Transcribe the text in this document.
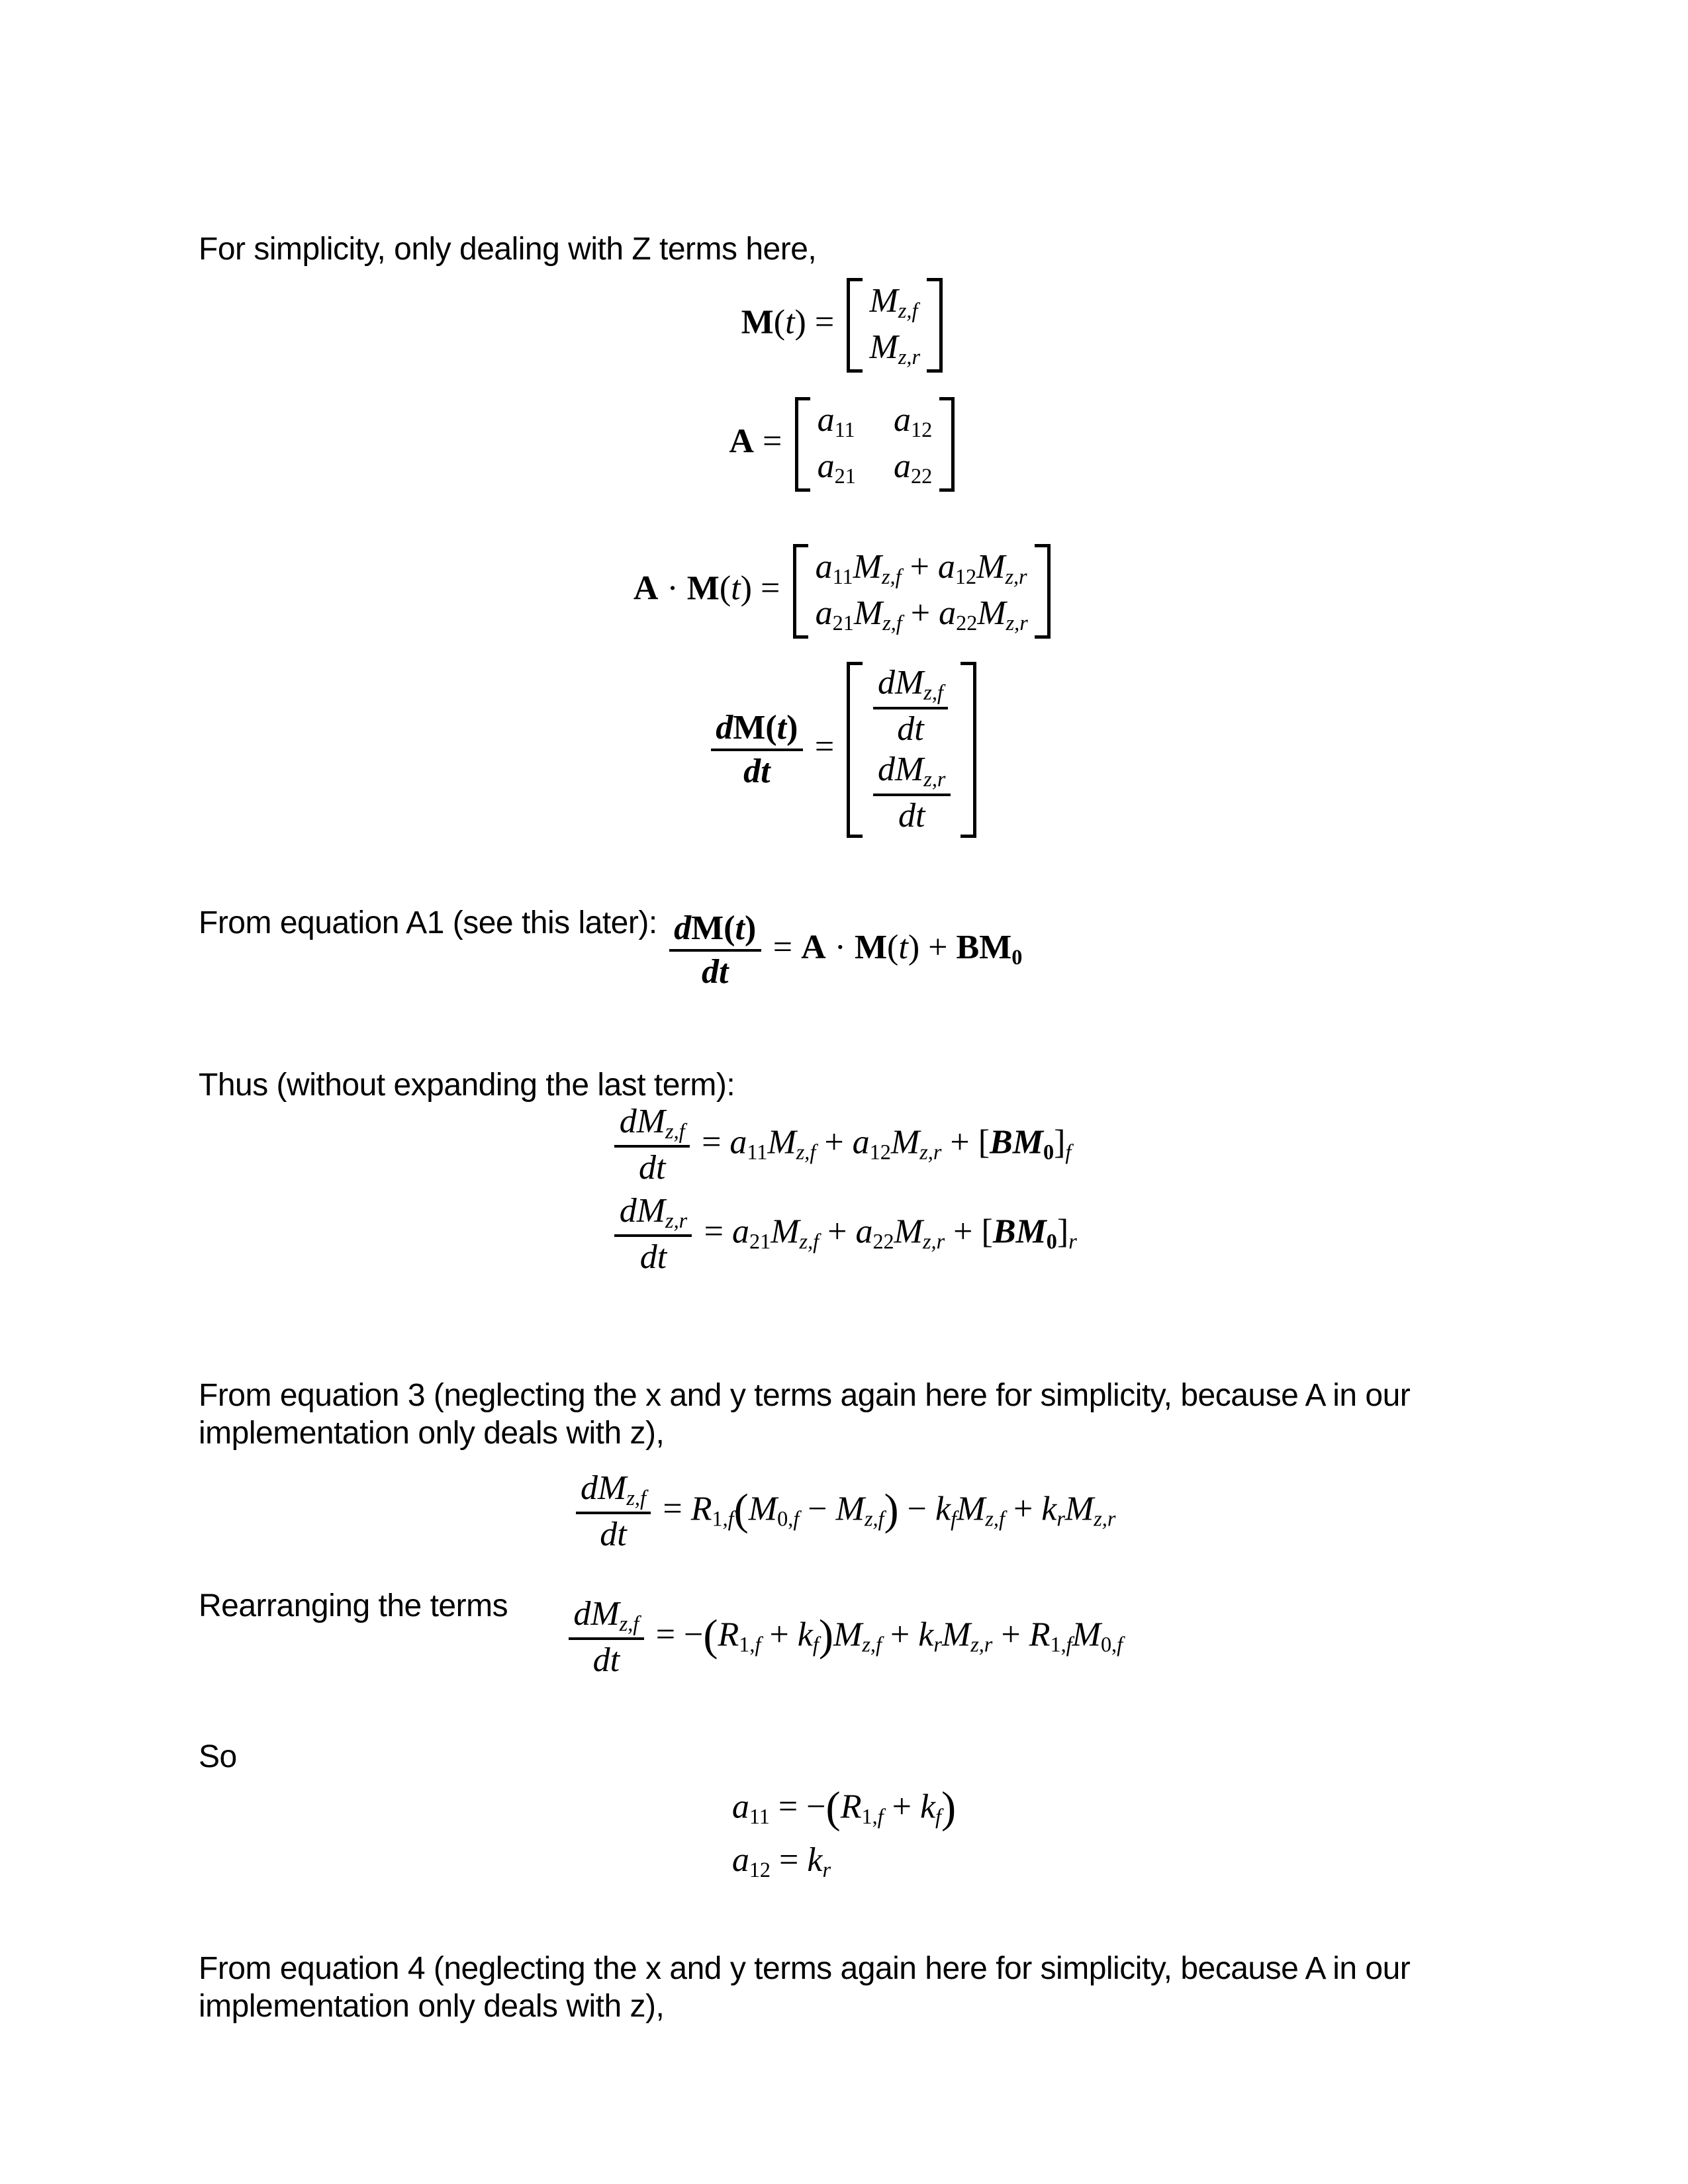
For simplicity, only dealing with Z terms here,

M(t) =
$M_{z,f}$
$M_{z,r}$
A =
a11 a12
a21 a22
A · M(t) =
$a11M_{z,f} + a12M_{z,r}$
$a21M_{z,f} + a22M_{z,r}$
$\frac{dM(t)}{dt} = \frac{dM_{z,f}}{dt}$
$\frac{dM_{z,r}}{dt}$

From equation A1 (see this later): $\frac{dM(t)}{dt} = A \cdot M(t) + BM0$

Thus (without expanding the last term):

$\frac{dM_{z,f}}{dt} = a11M_{z,f} + a12M_{z,r} + [BM0]_f$
$\frac{dM_{z,r}}{dt} = a21M_{z,f} + a22M_{z,r} + [BM0]_r$

From equation 3 (neglecting the x and y terms again here for simplicity, because A in our
implementation only deals with z),

$\frac{dM_{z,f}}{dt} = R1,_f(M0,_f - M_{z,f}) - k_fM_{z,f} + k_rM_{z,r}$

Rearranging the terms	$\frac{dM_{z,f}}{dt} = -(R1,_f + k_f)M_{z,f} + k_rM_{z,r} + R1,_fM0,_f$

So

$a11 = -(R1,_f + k_f)$
$a12 = k_r$

From equation 4 (neglecting the x and y terms again here for simplicity, because A in our
implementation only deals with z),
